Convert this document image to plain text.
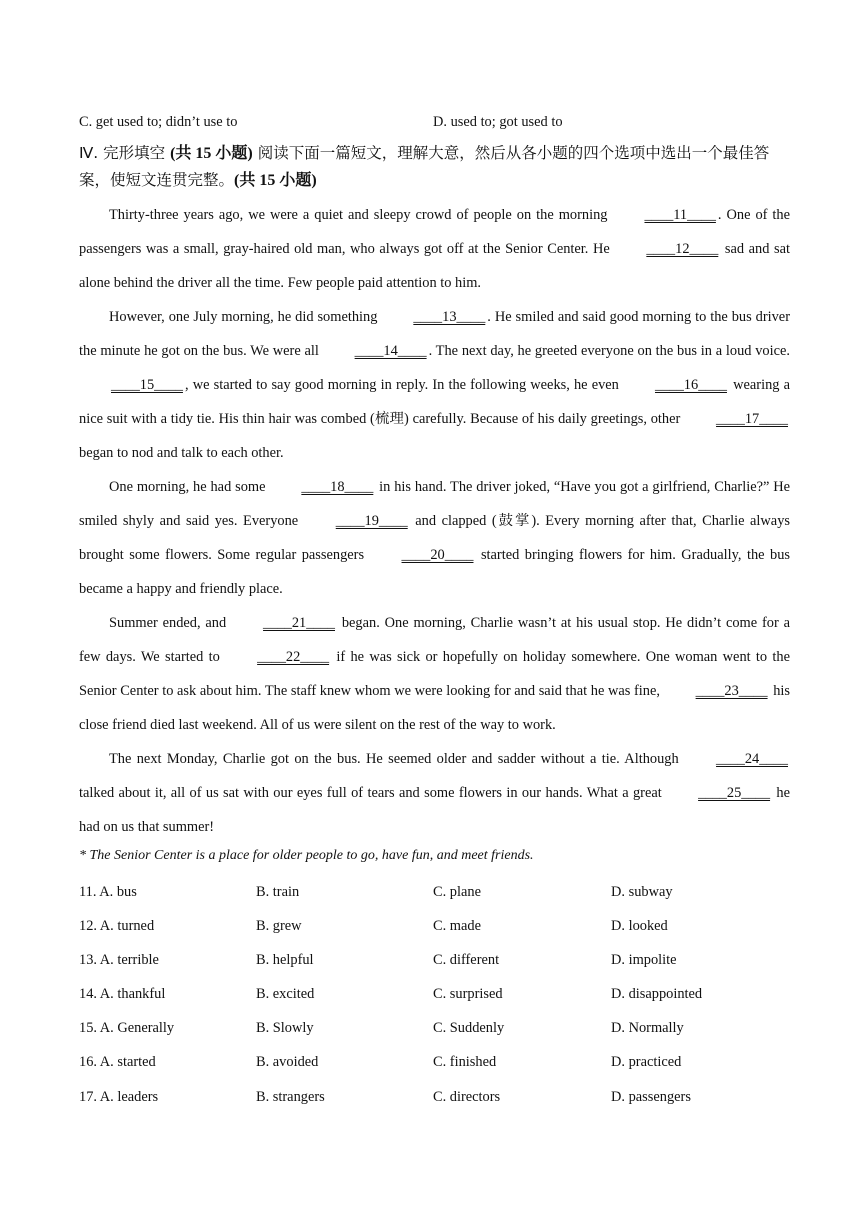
C. get used to; didn’t use to	D. used to; got used to
Ⅳ. 完形填空 (共 15 小题) 阅读下面一篇短文，理解大意，然后从各小题的四个选项中选出一个最佳答案，使短文连贯完整。(共 15 小题)

Thirty-three years ago, we were a quiet and sleepy crowd of people on the morning ____11____ . One of the passengers was a small, gray-haired old man, who always got off at the Senior Center. He ____12____ sad and sat alone behind the driver all the time. Few people paid attention to him.

However, one July morning, he did something ____13____ . He smiled and said good morning to the bus driver the minute he got on the bus. We were all ____14____ . The next day, he greeted everyone on the bus in a loud voice. ____15____ , we started to say good morning in reply. In the following weeks, he even ____16____ wearing a nice suit with a tidy tie. His thin hair was combed (梳理) carefully. Because of his daily greetings, other ____17____ began to nod and talk to each other.

One morning, he had some ____18____ in his hand. The driver joked, “Have you got a girlfriend, Charlie?” He smiled shyly and said yes. Everyone ____19____ and clapped (鼓掌). Every morning after that, Charlie always brought some flowers. Some regular passengers ____20____ started bringing flowers for him. Gradually, the bus became a happy and friendly place.

Summer ended, and ____21____ began. One morning, Charlie wasn’t at his usual stop. He didn’t come for a few days. We started to ____22____ if he was sick or hopefully on holiday somewhere. One woman went to the Senior Center to ask about him. The staff knew whom we were looking for and said that he was fine, ____23____ his close friend died last weekend. All of us were silent on the rest of the way to work.

The next Monday, Charlie got on the bus. He seemed older and sadder without a tie. Although ____24____ talked about it, all of us sat with our eyes full of tears and some flowers in our hands. What a great ____25____ he had on us that summer!

* The Senior Center is a place for older people to go, have fun, and meet friends.
11. A. bus	B. train	C. plane	D. subway
12. A. turned	B. grew	C. made	D. looked
13. A. terrible	B. helpful	C. different	D. impolite
14. A. thankful	B. excited	C. surprised	D. disappointed
15. A. Generally	B. Slowly	C. Suddenly	D. Normally
16. A. started	B. avoided	C. finished	D. practiced
17. A. leaders	B. strangers	C. directors	D. passengers
